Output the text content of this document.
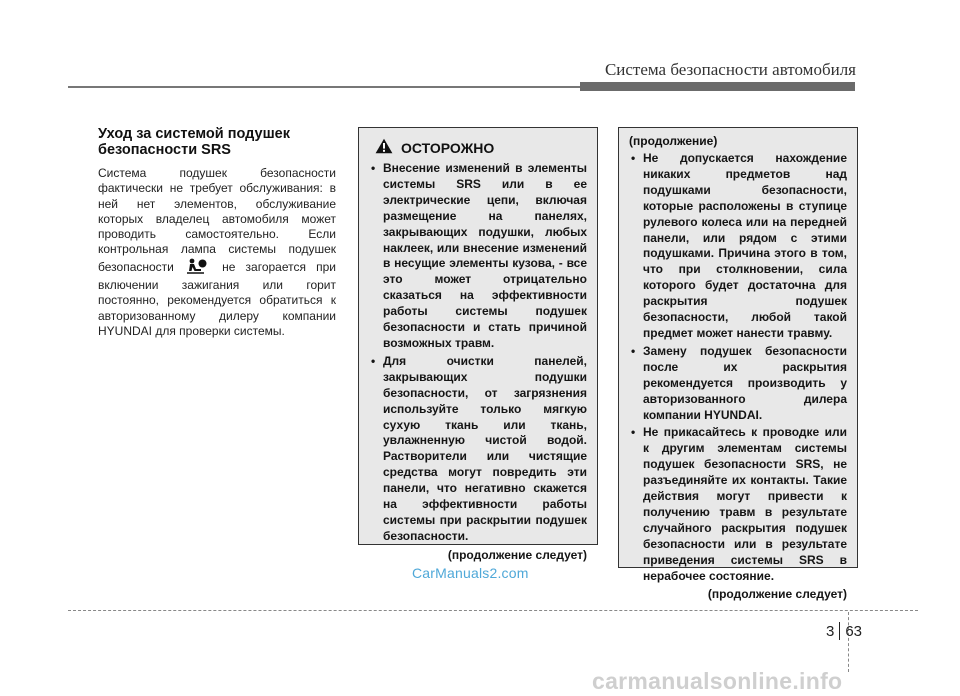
Система безопасности автомобиля
Уход за системой подушек безопасности SRS

Система подушек безопасности фактически не требует обслуживания: в ней нет элементов, обслуживание которых владелец автомобиля может проводить самостоятельно. Если контрольная лампа системы подушек безопасности	не загорается при включении зажигания или горит постоянно, рекомендуется обратиться к авторизованному дилеру компании HYUNDAI для проверки системы.

ОСТОРОЖНО
• Внесение изменений в элементы системы SRS или в ее электрические цепи, включая размещение на панелях, закрывающих подушки, любых наклеек, или внесение изменений в несущие элементы кузова, - все это может отрицательно сказаться на эффективности работы системы подушек безопасности и стать причиной возможных травм.
• Для очистки панелей, закрывающих подушки безопасности, от загрязнения используйте только мягкую сухую ткань или ткань, увлажненную чистой водой. Растворители или чистящие средства могут повредить эти панели, что негативно скажется на эффективности работы системы при раскрытии подушек безопасности.
(продолжение следует)
(продолжение)
• Не допускается нахождение никаких предметов над подушками безопасности, которые расположены в ступице рулевого колеса или на передней панели, или рядом с этими подушками. Причина этого в том, что при столкновении, сила которого будет достаточна для раскрытия подушек безопасности, любой такой предмет может нанести травму.
• Замену подушек безопасности после их раскрытия рекомендуется производить у авторизованного дилера компании HYUNDAI.
• Не прикасайтесь к проводке или к другим элементам системы подушек безопасности SRS, не разъединяйте их контакты. Такие действия могут привести к получению травм в результате случайного раскрытия подушек безопасности или в результате приведения системы SRS в нерабочее состояние.
(продолжение следует)
CarManuals2.com
3 63
carmanualsonline.info
